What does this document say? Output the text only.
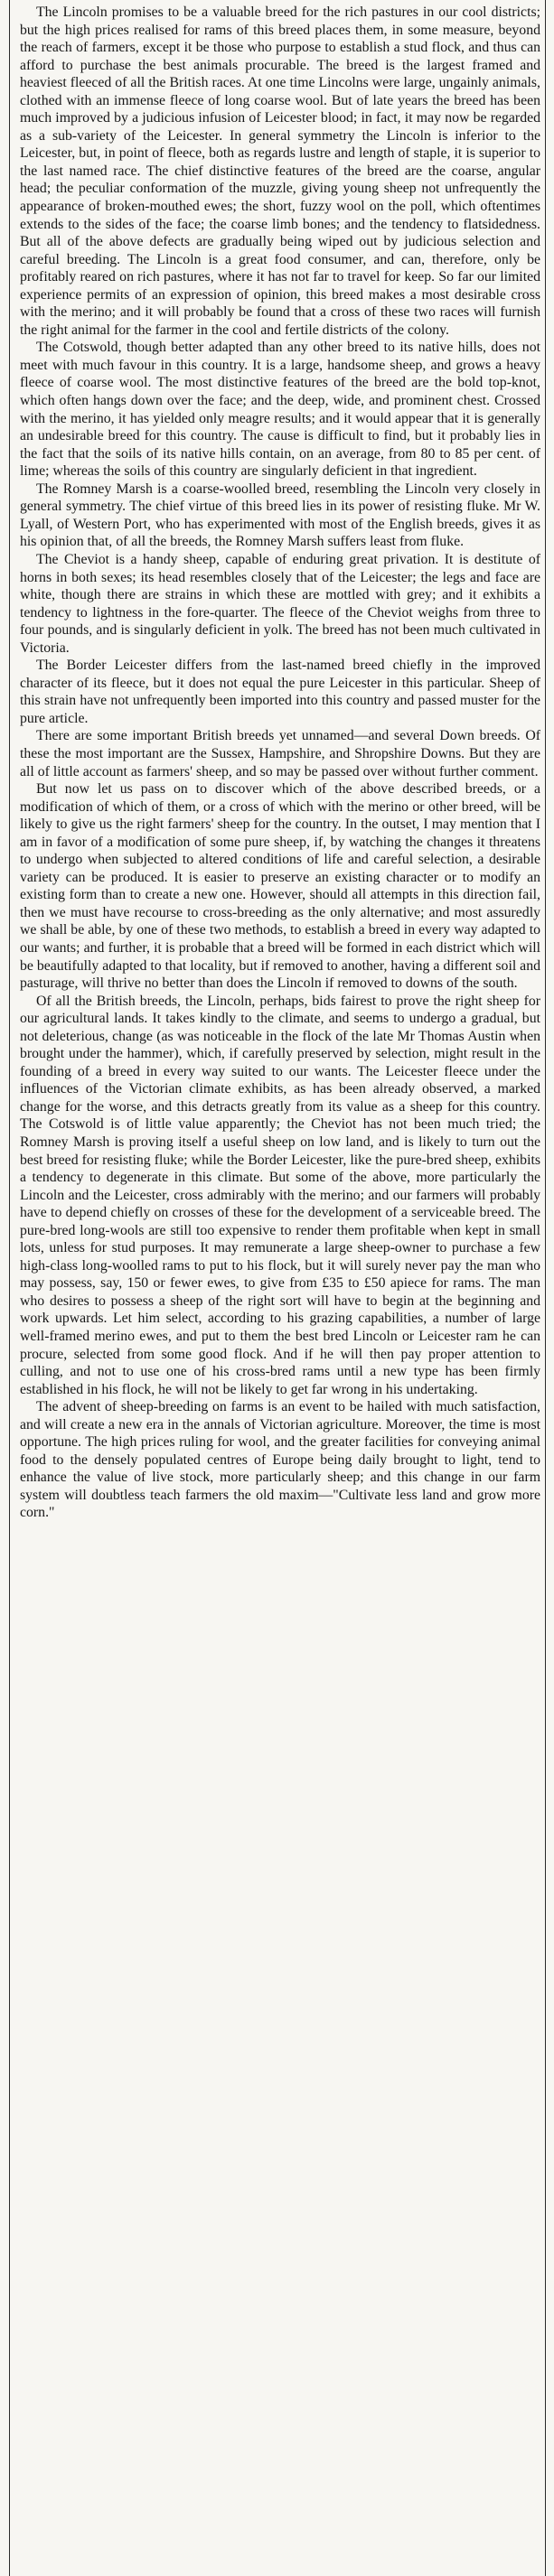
The Lincoln promises to be a valuable breed for the rich pastures in our cool districts; but the high prices realised for rams of this breed places them, in some measure, beyond the reach of farmers, except it be those who purpose to establish a stud flock, and thus can afford to purchase the best animals procurable. The breed is the largest framed and heaviest fleeced of all the British races. At one time Lincolns were large, ungainly animals, clothed with an immense fleece of long coarse wool. But of late years the breed has been much improved by a judicious infusion of Leicester blood; in fact, it may now be regarded as a sub-variety of the Leicester. In general symmetry the Lincoln is inferior to the Leicester, but, in point of fleece, both as regards lustre and length of staple, it is superior to the last named race. The chief distinctive features of the breed are the coarse, angular head; the peculiar conformation of the muzzle, giving young sheep not unfrequently the appearance of broken-mouthed ewes; the short, fuzzy wool on the poll, which oftentimes extends to the sides of the face; the coarse limb bones; and the tendency to flatsidedness. But all of the above defects are gradually being wiped out by judicious selection and careful breeding. The Lincoln is a great food consumer, and can, therefore, only be profitably reared on rich pastures, where it has not far to travel for keep. So far our limited experience permits of an expression of opinion, this breed makes a most desirable cross with the merino; and it will probably be found that a cross of these two races will furnish the right animal for the farmer in the cool and fertile districts of the colony.

The Cotswold, though better adapted than any other breed to its native hills, does not meet with much favour in this country. It is a large, handsome sheep, and grows a heavy fleece of coarse wool. The most distinctive features of the breed are the bold top-knot, which often hangs down over the face; and the deep, wide, and prominent chest. Crossed with the merino, it has yielded only meagre results; and it would appear that it is generally an undesirable breed for this country. The cause is difficult to find, but it probably lies in the fact that the soils of its native hills contain, on an average, from 80 to 85 per cent. of lime; whereas the soils of this country are singularly deficient in that ingredient.

The Romney Marsh is a coarse-woolled breed, resembling the Lincoln very closely in general symmetry. The chief virtue of this breed lies in its power of resisting fluke. Mr W. Lyall, of Western Port, who has experimented with most of the English breeds, gives it as his opinion that, of all the breeds, the Romney Marsh suffers least from fluke.

The Cheviot is a handy sheep, capable of enduring great privation. It is destitute of horns in both sexes; its head resembles closely that of the Leicester; the legs and face are white, though there are strains in which these are mottled with grey; and it exhibits a tendency to lightness in the fore-quarter. The fleece of the Cheviot weighs from three to four pounds, and is singularly deficient in yolk. The breed has not been much cultivated in Victoria.

The Border Leicester differs from the last-named breed chiefly in the improved character of its fleece, but it does not equal the pure Leicester in this particular. Sheep of this strain have not unfrequently been imported into this country and passed muster for the pure article.

There are some important British breeds yet unnamed—and several Down breeds. Of these the most important are the Sussex, Hampshire, and Shropshire Downs. But they are all of little account as farmers' sheep, and so may be passed over without further comment.

But now let us pass on to discover which of the above described breeds, or a modification of which of them, or a cross of which with the merino or other breed, will be likely to give us the right farmers' sheep for the country. In the outset, I may mention that I am in favor of a modification of some pure sheep, if, by watching the changes it threatens to undergo when subjected to altered conditions of life and careful selection, a desirable variety can be produced. It is easier to preserve an existing character or to modify an existing form than to create a new one. However, should all attempts in this direction fail, then we must have recourse to cross-breeding as the only alternative; and most assuredly we shall be able, by one of these two methods, to establish a breed in every way adapted to our wants; and further, it is probable that a breed will be formed in each district which will be beautifully adapted to that locality, but if removed to another, having a different soil and pasturage, will thrive no better than does the Lincoln if removed to downs of the south.

Of all the British breeds, the Lincoln, perhaps, bids fairest to prove the right sheep for our agricultural lands. It takes kindly to the climate, and seems to undergo a gradual, but not deleterious, change (as was noticeable in the flock of the late Mr Thomas Austin when brought under the hammer), which, if carefully preserved by selection, might result in the founding of a breed in every way suited to our wants. The Leicester fleece under the influences of the Victorian climate exhibits, as has been already observed, a marked change for the worse, and this detracts greatly from its value as a sheep for this country. The Cotswold is of little value apparently; the Cheviot has not been much tried; the Romney Marsh is proving itself a useful sheep on low land, and is likely to turn out the best breed for resisting fluke; while the Border Leicester, like the pure-bred sheep, exhibits a tendency to degenerate in this climate. But some of the above, more particularly the Lincoln and the Leicester, cross admirably with the merino; and our farmers will probably have to depend chiefly on crosses of these for the development of a serviceable breed. The pure-bred long-wools are still too expensive to render them profitable when kept in small lots, unless for stud purposes. It may remunerate a large sheep-owner to purchase a few high-class long-woolled rams to put to his flock, but it will surely never pay the man who may possess, say, 150 or fewer ewes, to give from £35 to £50 apiece for rams. The man who desires to possess a sheep of the right sort will have to begin at the beginning and work upwards. Let him select, according to his grazing capabilities, a number of large well-framed merino ewes, and put to them the best bred Lincoln or Leicester ram he can procure, selected from some good flock. And if he will then pay proper attention to culling, and not to use one of his cross-bred rams until a new type has been firmly established in his flock, he will not be likely to get far wrong in his undertaking.

The advent of sheep-breeding on farms is an event to be hailed with much satisfaction, and will create a new era in the annals of Victorian agriculture. Moreover, the time is most opportune. The high prices ruling for wool, and the greater facilities for conveying animal food to the densely populated centres of Europe being daily brought to light, tend to enhance the value of live stock, more particularly sheep; and this change in our farm system will doubtless teach farmers the old maxim—"Cultivate less land and grow more corn."
